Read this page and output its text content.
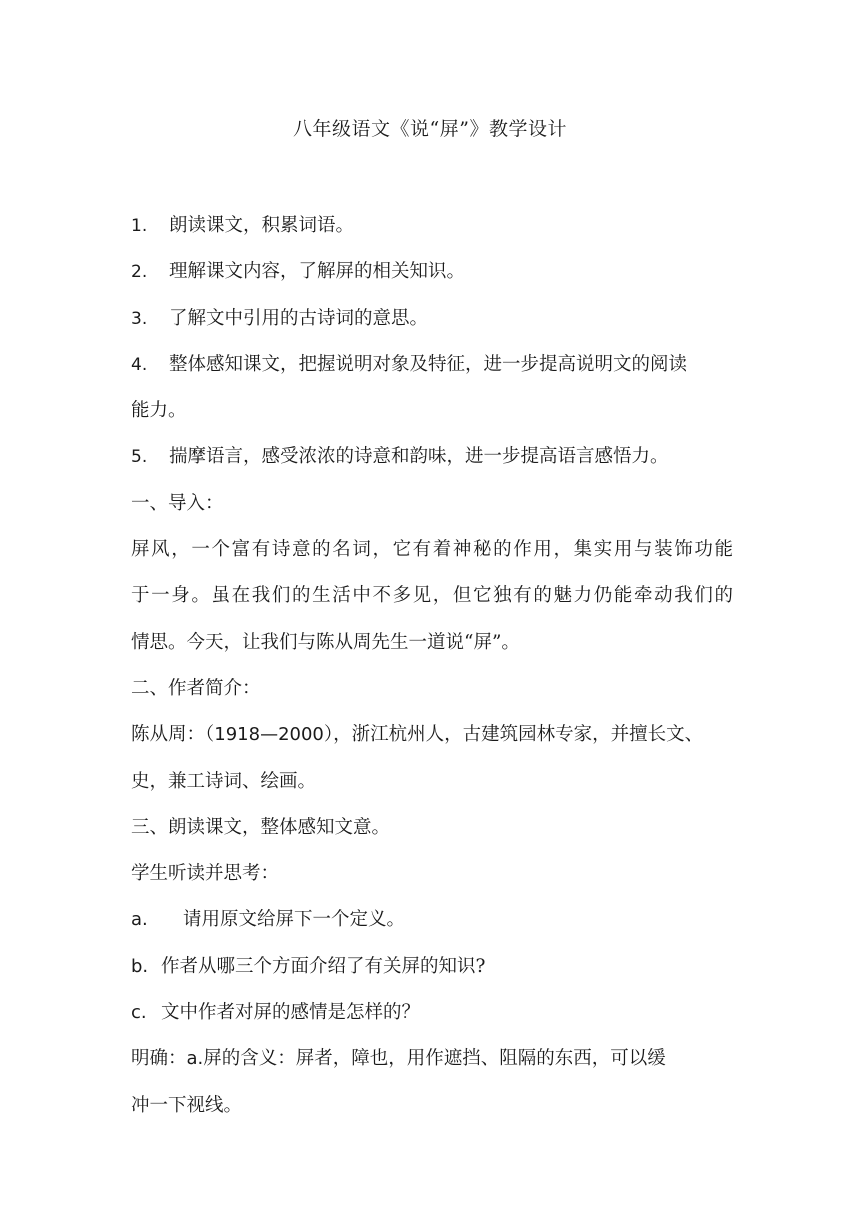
八年级语文《说“屏”》教学设计
1. 朗读课文，积累词语。
2. 理解课文内容，了解屏的相关知识。
3. 了解文中引用的古诗词的意思。
4. 整体感知课文，把握说明对象及特征，进一步提高说明文的阅读
能力。
5. 揣摩语言，感受浓浓的诗意和韵味，进一步提高语言感悟力。
一、导入：
屏风，一个富有诗意的名词，它有着神秘的作用，集实用与装饰功能
于一身。虽在我们的生活中不多见，但它独有的魅力仍能牵动我们的
情思。今天，让我们与陈从周先生一道说“屏”。
二、作者简介：
陈从周：（1918—2000），浙江杭州人，古建筑园林专家，并擅长文、
史，兼工诗词、绘画。
三、朗读课文，整体感知文意。
学生听读并思考：
a. 请用原文给屏下一个定义。
b. 作者从哪三个方面介绍了有关屏的知识?
c. 文中作者对屏的感情是怎样的？
明确：a.屏的含义：屏者，障也，用作遮挡、阻隔的东西，可以缓
冲一下视线。
